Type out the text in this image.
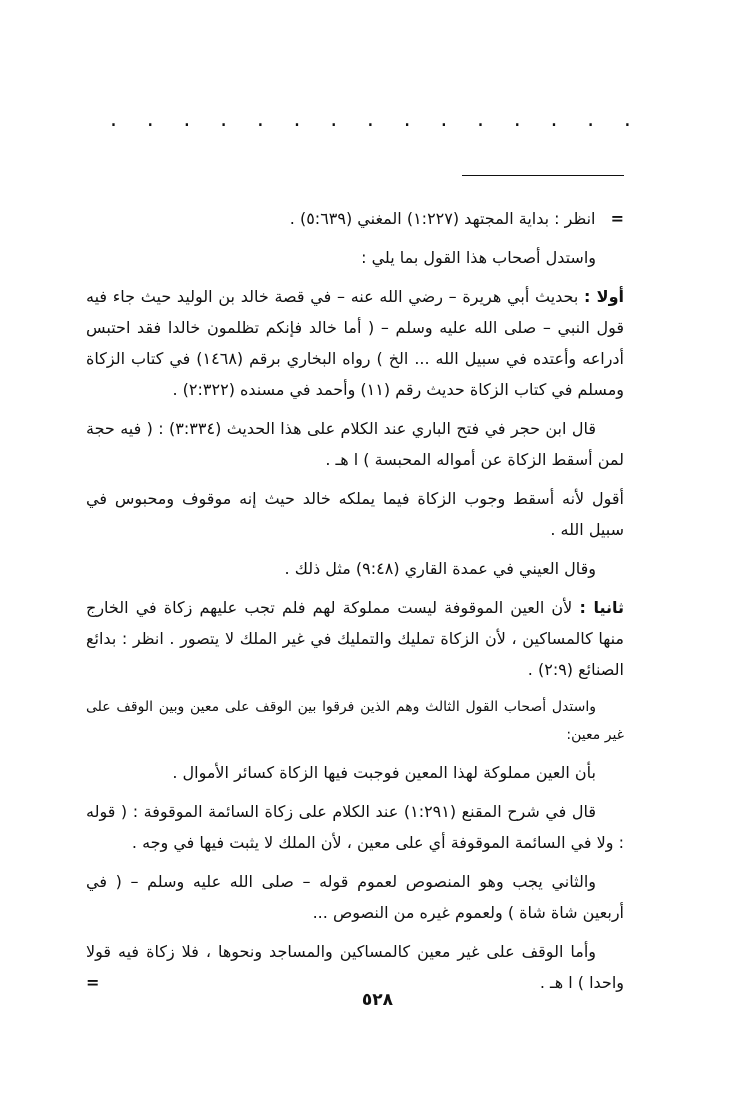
. . . . . . . . . . . . . . .

= انظر : بداية المجتهد (١:٢٢٧) المغني (٥:٦٣٩) .

واستدل أصحاب هذا القول بما يلي :

أولا : بحديث أبي هريرة – رضي الله عنه – في قصة خالد بن الوليد حيث جاء فيه قول النبي – صلى الله عليه وسلم – ( أما خالد فإنكم تظلمون خالدا فقد احتبس أدراعه وأعتده في سبيل الله ... الخ ) رواه البخاري برقم (١٤٦٨) في كتاب الزكاة ومسلم في كتاب الزكاة حديث رقم (١١) وأحمد في مسنده (٢:٣٢٢) .

قال ابن حجر في فتح الباري عند الكلام على هذا الحديث (٣:٣٣٤) : ( فيه حجة لمن أسقط الزكاة عن أمواله المحبسة ) ا هـ .

أقول لأنه أسقط وجوب الزكاة فيما يملكه خالد حيث إنه موقوف ومحبوس في سبيل الله .

وقال العيني في عمدة القاري (٩:٤٨) مثل ذلك .

ثانيا : لأن العين الموقوفة ليست مملوكة لهم فلم تجب عليهم زكاة في الخارج منها كالمساكين ، لأن الزكاة تمليك والتمليك في غير الملك لا يتصور . انظر : بدائع الصنائع (٢:٩) .

واستدل أصحاب القول الثالث وهم الذين فرقوا بين الوقف على معين وبين الوقف على غير معين:

بأن العين مملوكة لهذا المعين فوجبت فيها الزكاة كسائر الأموال .

قال في شرح المقنع (١:٢٩١) عند الكلام على زكاة السائمة الموقوفة : ( قوله : ولا في السائمة الموقوفة أي على معين ، لأن الملك لا يثبت فيها في وجه .

والثاني يجب وهو المنصوص لعموم قوله – صلى الله عليه وسلم – ( في أربعين شاة شاة ) ولعموم غيره من النصوص ...

وأما الوقف على غير معين كالمساكين والمساجد ونحوها ، فلا زكاة فيه قولا واحدا ) ا هـ .
=

٥٢٨
